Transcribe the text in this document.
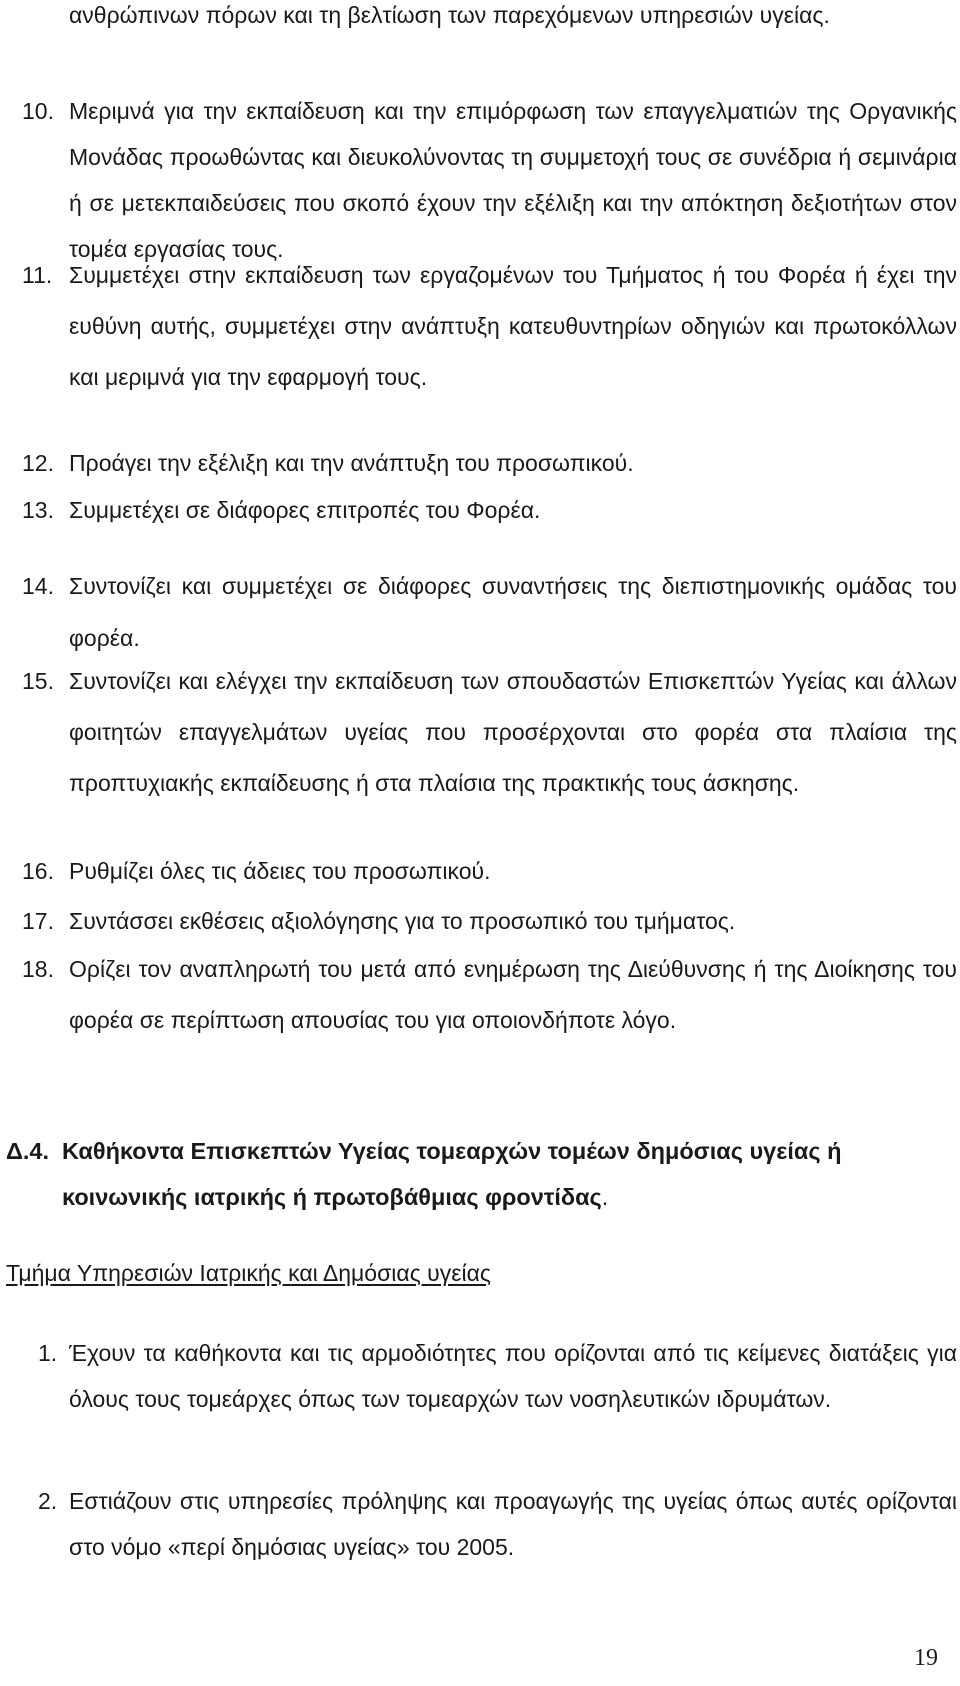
ανθρώπινων πόρων και τη βελτίωση των παρεχόμενων υπηρεσιών υγείας.
10. Μεριμνά για την εκπαίδευση και την επιμόρφωση των επαγγελματιών της Οργανικής Μονάδας προωθώντας και διευκολύνοντας τη συμμετοχή τους σε συνέδρια ή σεμινάρια ή σε μετεκπαιδεύσεις που σκοπό έχουν την εξέλιξη και την απόκτηση δεξιοτήτων στον τομέα εργασίας τους.
11. Συμμετέχει στην εκπαίδευση των εργαζομένων του Τμήματος ή του Φορέα ή έχει την ευθύνη αυτής, συμμετέχει στην ανάπτυξη κατευθυντηρίων οδηγιών και πρωτοκόλλων και μεριμνά για την εφαρμογή τους.
12. Προάγει την εξέλιξη και την ανάπτυξη του προσωπικού.
13. Συμμετέχει σε διάφορες επιτροπές του Φορέα.
14. Συντονίζει και συμμετέχει σε διάφορες συναντήσεις της διεπιστημονικής ομάδας του φορέα.
15. Συντονίζει και ελέγχει την εκπαίδευση των σπουδαστών Επισκεπτών Υγείας και άλλων φοιτητών επαγγελμάτων υγείας που προσέρχονται στο φορέα στα πλαίσια της προπτυχιακής εκπαίδευσης ή στα πλαίσια της πρακτικής τους άσκησης.
16. Ρυθμίζει όλες τις άδειες του προσωπικού.
17. Συντάσσει εκθέσεις αξιολόγησης για το προσωπικό του τμήματος.
18. Ορίζει τον αναπληρωτή του μετά από ενημέρωση της Διεύθυνσης ή της Διοίκησης του φορέα σε περίπτωση απουσίας του για οποιονδήποτε λόγο.
Δ.4. Καθήκοντα Επισκεπτών Υγείας τομεαρχών τομέων δημόσιας υγείας ή κοινωνικής ιατρικής ή πρωτοβάθμιας φροντίδας.
Τμήμα Υπηρεσιών Ιατρικής και Δημόσιας υγείας
1. Έχουν τα καθήκοντα και τις αρμοδιότητες που ορίζονται από τις κείμενες διατάξεις για όλους τους τομεάρχες όπως των τομεαρχών των νοσηλευτικών ιδρυμάτων.
2. Εστιάζουν στις υπηρεσίες πρόληψης και προαγωγής της υγείας όπως αυτές ορίζονται στο νόμο «περί δημόσιας υγείας» του 2005.
19
